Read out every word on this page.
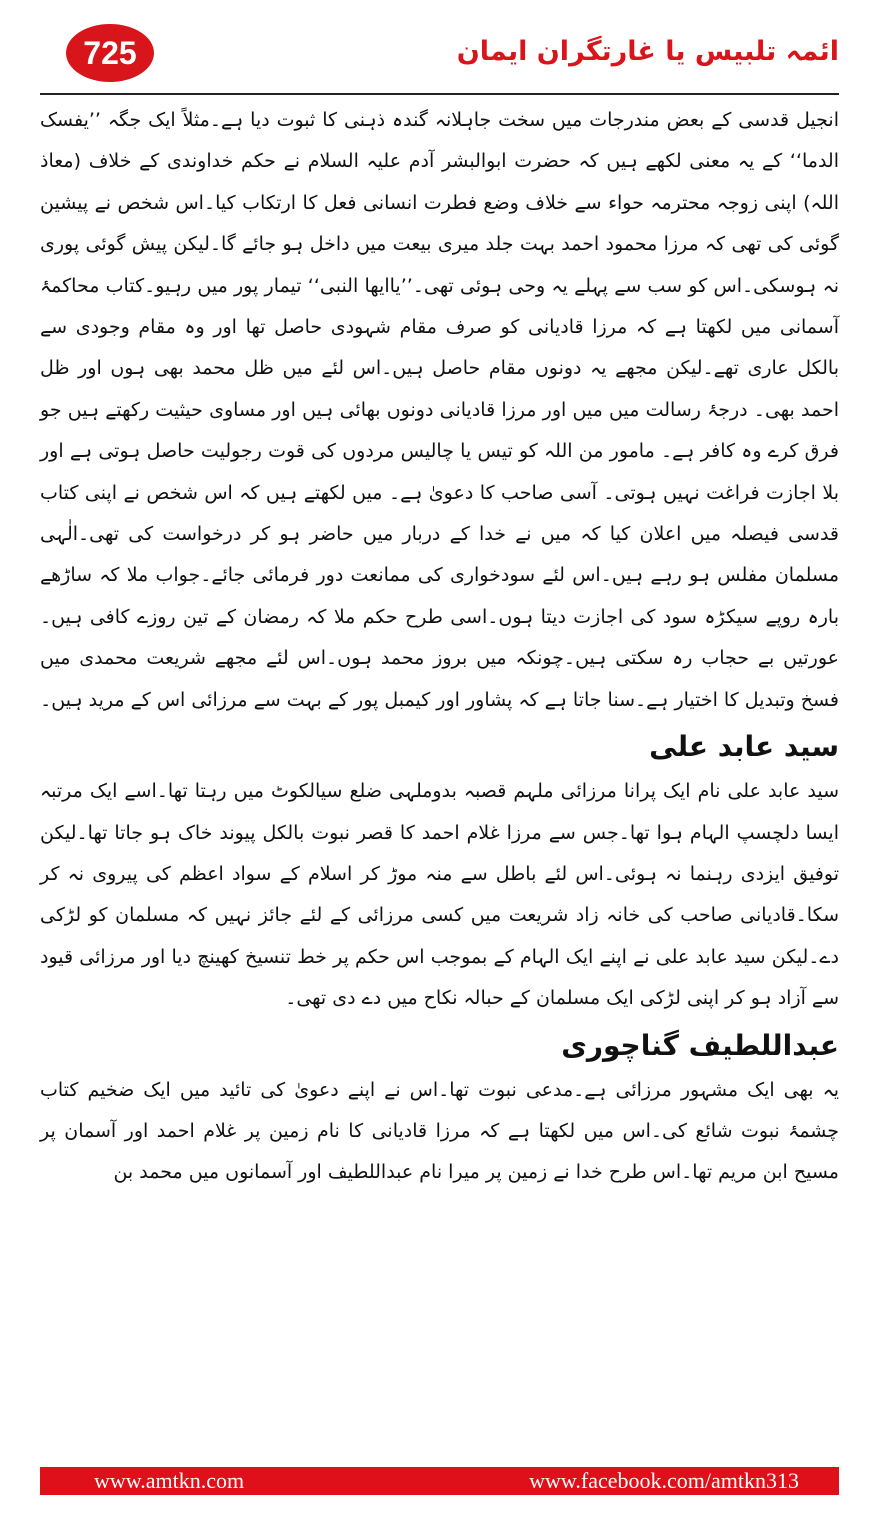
725	ائمہ تلبیس یا غارتگران ایمان

انجیل قدسی کے بعض مندرجات میں سخت جاہلانہ گندہ ذہنی کا ثبوت دیا ہے۔مثلاً ایک جگہ ’’یفسک الدما‘‘ کے یہ معنی لکھے ہیں کہ حضرت ابوالبشر آدم علیہ السلام نے حکم خداوندی کے خلاف (معاذ اللہ) اپنی زوجہ محترمہ حواء سے خلاف وضع فطرت انسانی فعل کا ارتکاب کیا۔اس شخص نے پیشین گوئی کی تھی کہ مرزا محمود احمد بہت جلد میری بیعت میں داخل ہو جائے گا۔لیکن پیش گوئی پوری نہ ہوسکی۔اس کو سب سے پہلے یہ وحی ہوئی تھی۔’’یاایھا النبی‘‘ تیمار پور میں رہیو۔کتاب محاکمۂ آسمانی میں لکھتا ہے کہ مرزا قادیانی کو صرف مقام شہودی حاصل تھا اور وہ مقام وجودی سے بالکل عاری تھے۔لیکن مجھے یہ دونوں مقام حاصل ہیں۔اس لئے میں ظل محمد بھی ہوں اور ظل احمد بھی۔ درجۂ رسالت میں میں اور مرزا قادیانی دونوں بھائی ہیں اور مساوی حیثیت رکھتے ہیں جو فرق کرے وہ کافر ہے۔ مامور من اللہ کو تیس یا چالیس مردوں کی قوت رجولیت حاصل ہوتی ہے اور بلا اجازت فراغت نہیں ہوتی۔ آسی صاحب کا دعویٰ ہے۔ میں لکھتے ہیں کہ اس شخص نے اپنی کتاب قدسی فیصلہ میں اعلان کیا کہ میں نے خدا کے دربار میں حاضر ہو کر درخواست کی تھی۔الٰہی مسلمان مفلس ہو رہے ہیں۔اس لئے سودخواری کی ممانعت دور فرمائی جائے۔جواب ملا کہ ساڑھے بارہ روپے سیکڑہ سود کی اجازت دیتا ہوں۔اسی طرح حکم ملا کہ رمضان کے تین روزے کافی ہیں۔عورتیں بے حجاب رہ سکتی ہیں۔چونکہ میں بروز محمد ہوں۔اس لئے مجھے شریعت محمدی میں فسخ وتبدیل کا اختیار ہے۔سنا جاتا ہے کہ پشاور اور کیمبل پور کے بہت سے مرزائی اس کے مرید ہیں۔

سید عابد علی

سید عابد علی نام ایک پرانا مرزائی ملہم قصبہ بدوملہی ضلع سیالکوٹ میں رہتا تھا۔اسے ایک مرتبہ ایسا دلچسپ الہام ہوا تھا۔جس سے مرزا غلام احمد کا قصر نبوت بالکل پیوند خاک ہو جاتا تھا۔لیکن توفیق ایزدی رہنما نہ ہوئی۔اس لئے باطل سے منہ موڑ کر اسلام کے سواد اعظم کی پیروی نہ کر سکا۔قادیانی صاحب کی خانہ زاد شریعت میں کسی مرزائی کے لئے جائز نہیں کہ مسلمان کو لڑکی دے۔لیکن سید عابد علی نے اپنے ایک الہام کے بموجب اس حکم پر خط تنسیخ کھینچ دیا اور مرزائی قیود سے آزاد ہو کر اپنی لڑکی ایک مسلمان کے حبالہ نکاح میں دے دی تھی۔

عبداللطیف گناچوری

یہ بھی ایک مشہور مرزائی ہے۔مدعی نبوت تھا۔اس نے اپنے دعویٰ کی تائید میں ایک ضخیم کتاب چشمۂ نبوت شائع کی۔اس میں لکھتا ہے کہ مرزا قادیانی کا نام زمین پر غلام احمد اور آسمان پر مسیح ابن مریم تھا۔اس طرح خدا نے زمین پر میرا نام عبداللطیف اور آسمانوں میں محمد بن

www.amtkn.com	www.facebook.com/amtkn313
